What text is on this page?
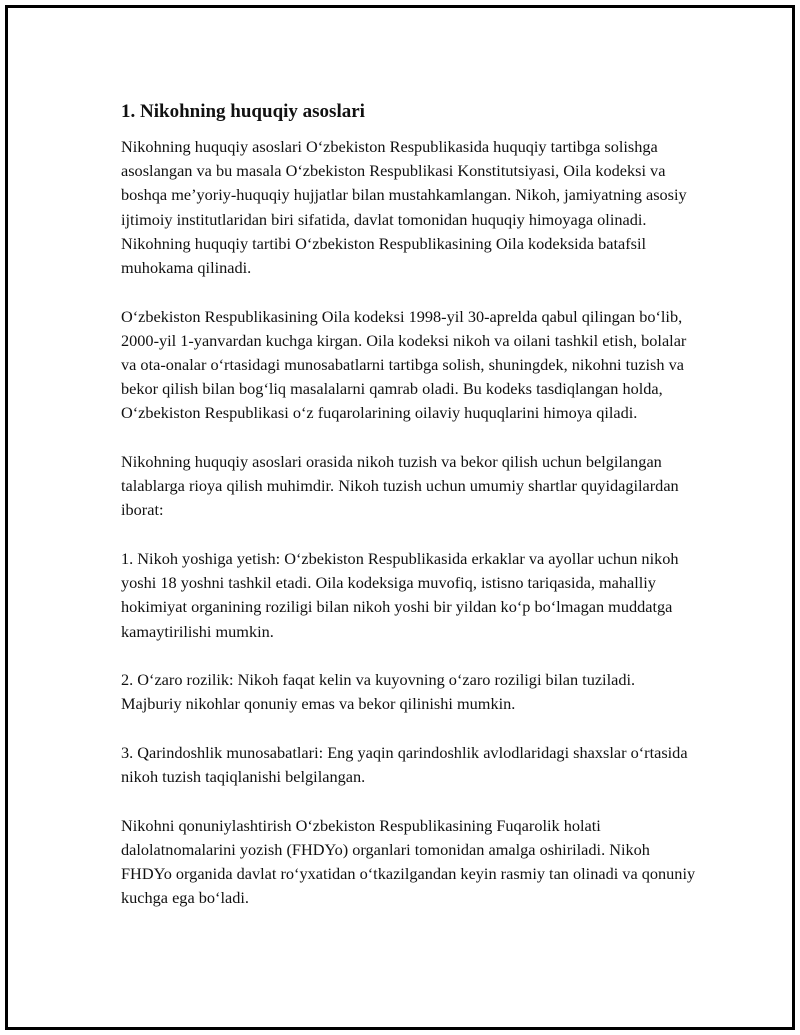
1. Nikohning huquqiy asoslari

Nikohning huquqiy asoslari O‘zbekiston Respublikasida huquqiy tartibga solishga asoslangan va bu masala O‘zbekiston Respublikasi Konstitutsiyasi, Oila kodeksi va boshqa me’yoriy-huquqiy hujjatlar bilan mustahkamlangan. Nikoh, jamiyatning asosiy ijtimoiy institutlaridan biri sifatida, davlat tomonidan huquqiy himoyaga olinadi. Nikohning huquqiy tartibi O‘zbekiston Respublikasining Oila kodeksida batafsil muhokama qilinadi.

O‘zbekiston Respublikasining Oila kodeksi 1998-yil 30-aprelda qabul qilingan bo‘lib, 2000-yil 1-yanvardan kuchga kirgan. Oila kodeksi nikoh va oilani tashkil etish, bolalar va ota-onalar o‘rtasidagi munosabatlarni tartibga solish, shuningdek, nikohni tuzish va bekor qilish bilan bog‘liq masalalarni qamrab oladi. Bu kodeks tasdiqlangan holda, O‘zbekiston Respublikasi o‘z fuqarolarining oilaviy huquqlarini himoya qiladi.

Nikohning huquqiy asoslari orasida nikoh tuzish va bekor qilish uchun belgilangan talablarga rioya qilish muhimdir. Nikoh tuzish uchun umumiy shartlar quyidagilardan iborat:

1. Nikoh yoshiga yetish: O‘zbekiston Respublikasida erkaklar va ayollar uchun nikoh yoshi 18 yoshni tashkil etadi. Oila kodeksiga muvofiq, istisno tariqasida, mahalliy hokimiyat organining roziligi bilan nikoh yoshi bir yildan ko‘p bo‘lmagan muddatga kamaytirilishi mumkin.

2. O‘zaro rozilik: Nikoh faqat kelin va kuyovning o‘zaro roziligi bilan tuziladi. Majburiy nikohlar qonuniy emas va bekor qilinishi mumkin.

3. Qarindoshlik munosabatlari: Eng yaqin qarindoshlik avlodlaridagi shaxslar o‘rtasida nikoh tuzish taqiqlanishi belgilangan.

Nikohni qonuniylashtirish O‘zbekiston Respublikasining Fuqarolik holati dalolatnomalarini yozish (FHDYo) organlari tomonidan amalga oshiriladi. Nikoh FHDYo organida davlat ro‘yxatidan o‘tkazilgandan keyin rasmiy tan olinadi va qonuniy kuchga ega bo‘ladi.
